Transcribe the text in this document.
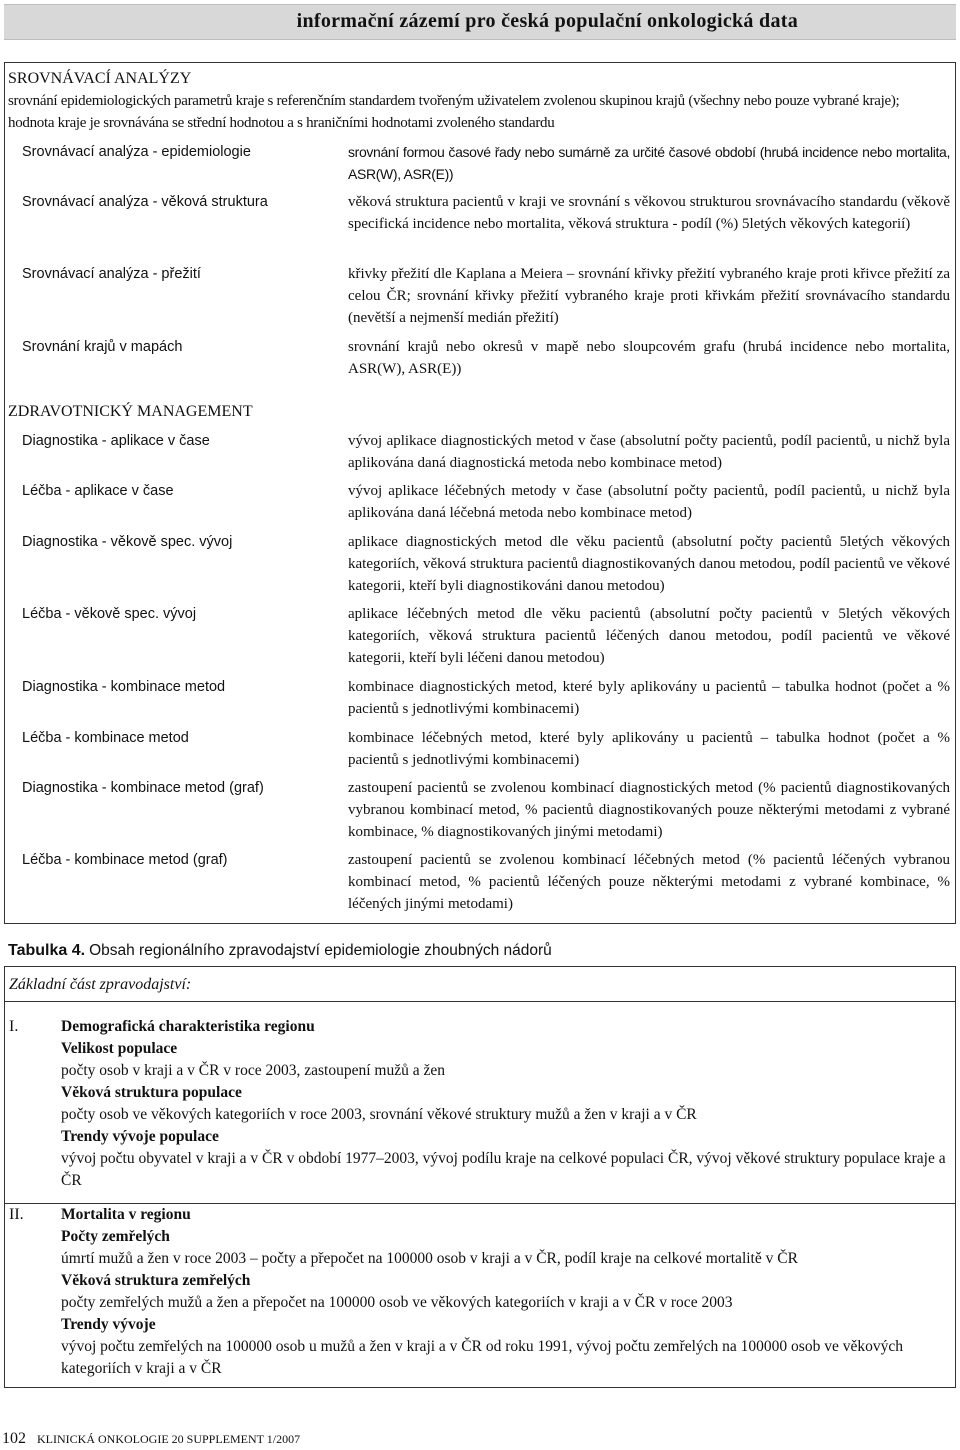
informační zázemí pro česká populační onkologická data
SROVNÁVACÍ ANALÝZY
srovnání epidemiologických parametrů kraje s referenčním standardem tvořeným uživatelem zvolenou skupinou krajů (všechny nebo pouze vybrané kraje); hodnota kraje je srovnávána se střední hodnotou a s hraničními hodnotami zvoleného standardu
Srovnávací analýza - epidemiologie	srovnání formou časové řady nebo sumárně za určité časové období (hrubá incidence nebo mortalita, ASR(W), ASR(E))
Srovnávací analýza - věková struktura	věková struktura pacientů v kraji ve srovnání s věkovou strukturou srovnávacího standardu (věkově specifická incidence nebo mortalita, věková struktura - podíl (%) 5letých věkových kategorií)
Srovnávací analýza - přežití	křivky přežití dle Kaplana a Meiera – srovnání křivky přežití vybraného kraje proti křivce přežití za celou ČR; srovnání křivky přežití vybraného kraje proti křivkám přežití srovnávacího standardu (nevětší a nejmenší medián přežití)
Srovnání krajů v mapách	srovnání krajů nebo okresů v mapě nebo sloupcovém grafu (hrubá incidence nebo mortalita, ASR(W), ASR(E))
ZDRAVOTNICKÝ MANAGEMENT
Diagnostika - aplikace v čase	vývoj aplikace diagnostických metod v čase (absolutní počty pacientů, podíl pacientů, u nichž byla aplikována daná diagnostická metoda nebo kombinace metod)
Léčba - aplikace v čase	vývoj aplikace léčebných metody v čase (absolutní počty pacientů, podíl pacientů, u nichž byla aplikována daná léčebná metoda nebo kombinace metod)
Diagnostika - věkově spec. vývoj	aplikace diagnostických metod dle věku pacientů (absolutní počty pacientů 5letých věkových kategoriích, věková struktura pacientů diagnostikovaných danou metodou, podíl pacientů ve věkové kategorii, kteří byli diagnostikováni danou metodou)
Léčba - věkově spec. vývoj	aplikace léčebných metod dle věku pacientů (absolutní počty pacientů v 5letých věkových kategoriích, věková struktura pacientů léčených danou metodou, podíl pacientů ve věkové kategorii, kteří byli léčeni danou metodou)
Diagnostika - kombinace metod	kombinace diagnostických metod, které byly aplikovány u pacientů – tabulka hodnot (počet a % pacientů s jednotlivými kombinacemi)
Léčba - kombinace metod	kombinace léčebných metod, které byly aplikovány u pacientů – tabulka hodnot (počet a % pacientů s jednotlivými kombinacemi)
Diagnostika - kombinace metod (graf)	zastoupení pacientů se zvolenou kombinací diagnostických metod (% pacientů diagnostikovaných vybranou kombinací metod, % pacientů diagnostikovaných pouze některými metodami z vybrané kombinace, % diagnostikovaných jinými metodami)
Léčba - kombinace metod (graf)	zastoupení pacientů se zvolenou kombinací léčebných metod (% pacientů léčených vybranou kombinací metod, % pacientů léčených pouze některými metodami z vybrané kombinace, % léčených jinými metodami)
Tabulka 4. Obsah regionálního zpravodajství epidemiologie zhoubných nádorů
Základní část zpravodajství:
I.	Demografická charakteristika regionu
Velikost populace
počty osob v kraji a v ČR v roce 2003, zastoupení mužů a žen
Věková struktura populace
počty osob ve věkových kategoriích v roce 2003, srovnání věkové struktury mužů a žen v kraji a v ČR
Trendy vývoje populace
vývoj počtu obyvatel v kraji a v ČR v období 1977–2003, vývoj podílu kraje na celkové populaci ČR, vývoj věkové struktury populace kraje a ČR
II. Mortalita v regionu
Počty zemřelých
úmrtí mužů a žen v roce 2003 – počty a přepočet na 100000 osob v kraji a v ČR, podíl kraje na celkové mortalitě v ČR
Věková struktura zemřelých
počty zemřelých mužů a žen a přepočet na 100000 osob ve věkových kategoriích v kraji a v ČR v roce 2003
Trendy vývoje
vývoj počtu zemřelých na 100000 osob u mužů a žen v kraji a v ČR od roku 1991, vývoj počtu zemřelých na 100000 osob ve věkových kategoriích v kraji a v ČR
102 KLINICKÁ ONKOLOGIE 20 SUPPLEMENT 1/2007
